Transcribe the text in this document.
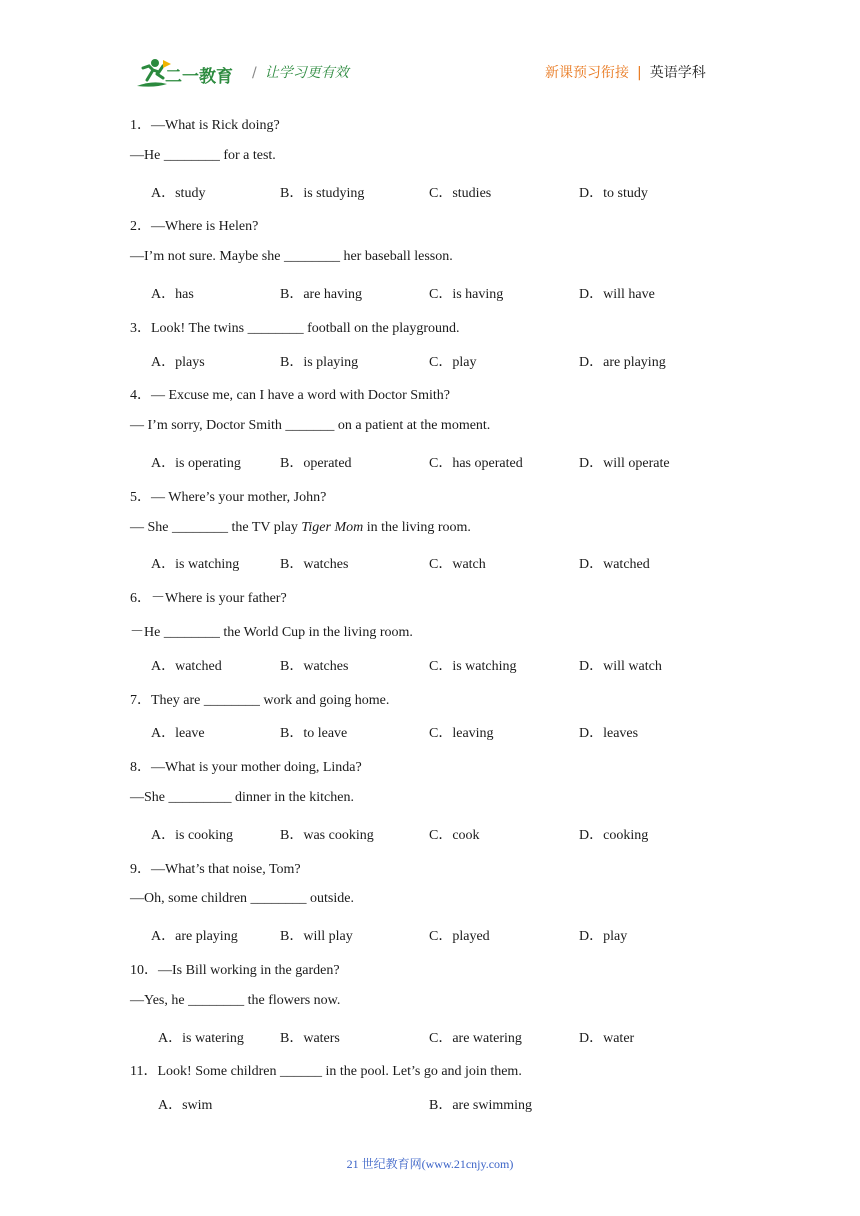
二一教育 / 让学习更有效	新课预习衔接 | 英语学科
1．—What is Rick doing?
—He ________ for a test.
A．study	B．is studying	C．studies	D．to study
2．—Where is Helen?
—I’m not sure. Maybe she ________ her baseball lesson.
A．has	B．are having	C．is having	D．will have
3．Look! The twins ________ football on the playground.
A．plays	B．is playing	C．play	D．are playing
4．— Excuse me, can I have a word with Doctor Smith?
— I’m sorry, Doctor Smith _______ on a patient at the moment.
A．is operating	B．operated	C．has operated	D．will operate
5．— Where’s your mother, John?
— She ________ the TV play Tiger Mom in the living room.
A．is watching	B．watches	C．watch	D．watched
6．－Where is your father?
－He ________ the World Cup in the living room.
A．watched	B．watches	C．is watching	D．will watch
7．They are ________ work and going home.
A．leave	B．to leave	C．leaving	D．leaves
8．—What is your mother doing, Linda?
—She _________ dinner in the kitchen.
A．is cooking	B．was cooking	C．cook	D．cooking
9．—What’s that noise, Tom?
—Oh, some children ________ outside.
A．are playing	B．will play	C．played	D．play
10．—Is Bill working in the garden?
—Yes, he ________ the flowers now.
A．is watering	B．waters	C．are watering	D．water
11．Look! Some children ______ in the pool. Let’s go and join them.
A．swim	B．are swimming
21 世纪教育网(www.21cnjy.com)
